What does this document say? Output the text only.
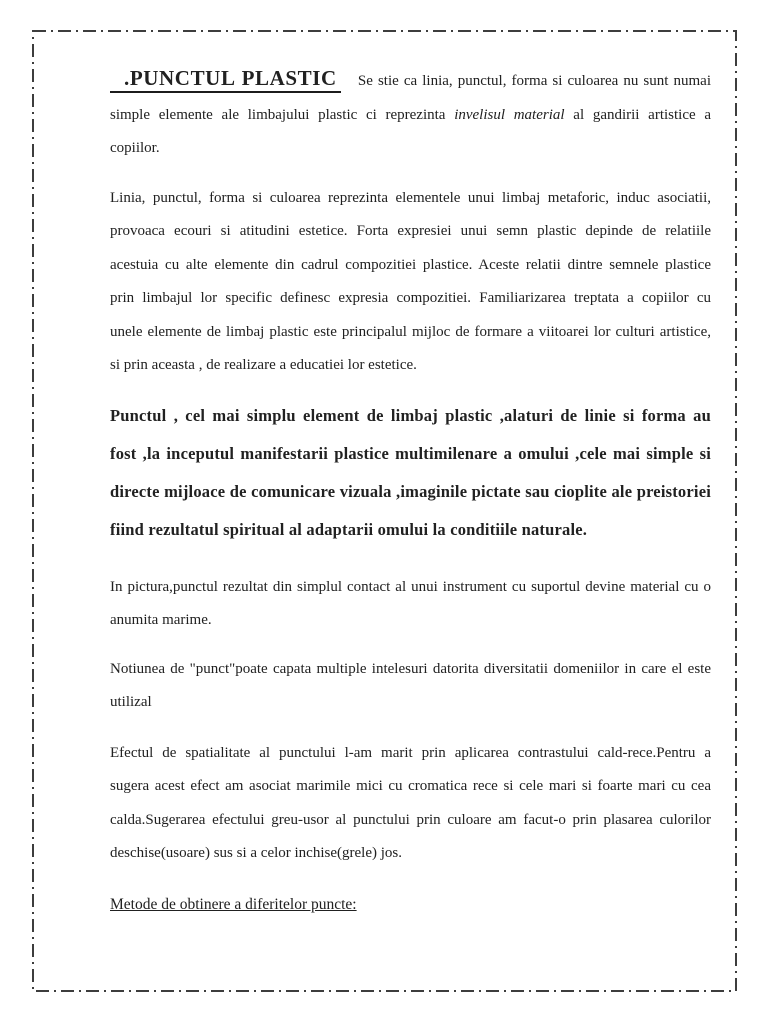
.PUNCTUL PLASTIC Se stie ca linia, punctul, forma si culoarea nu sunt numai
simple elemente ale limbajului plastic ci reprezinta invelisul material al gandirii artistice a
copiilor.
Linia, punctul, forma si culoarea reprezinta elementele unui limbaj metaforic, induc asociatii,
provoaca ecouri si atitudini estetice. Forta expresiei unui semn plastic depinde de relatiile
acestuia cu alte elemente din cadrul compozitiei plastice. Aceste relatii dintre semnele plastice
prin limbajul lor specific definesc expresia compozitiei. Familiarizarea treptata a copiilor cu
unele elemente de limbaj plastic este principalul mijloc de formare a viitoarei lor culturi artistice,
si prin aceasta , de realizare a educatiei lor estetice.
Punctul , cel mai simplu element de limbaj plastic ,alaturi de linie si forma au
fost ,la inceputul manifestarii plastice multimilenare a omului ,cele mai simple si
directe mijloace de comunicare vizuala ,imaginile pictate sau cioplite ale preistoriei
fiind rezultatul spiritual al adaptarii omului la conditiile naturale.
In pictura,punctul rezultat din simplul contact al unui instrument cu suportul devine material cu o
anumita marime.
Notiunea de "punct"poate capata multiple intelesuri datorita diversitatii domeniilor in care el este
utilizal
Efectul de spatialitate al punctului l-am marit prin aplicarea contrastului cald-rece.Pentru a
sugera acest efect am asociat marimile mici cu cromatica rece si cele mari si foarte mari cu cea
calda.Sugerarea efectului greu-usor al punctului prin culoare am facut-o prin plasarea culorilor
deschise(usoare) sus si a celor inchise(grele) jos.
Metode de obtinere a diferitelor puncte:
